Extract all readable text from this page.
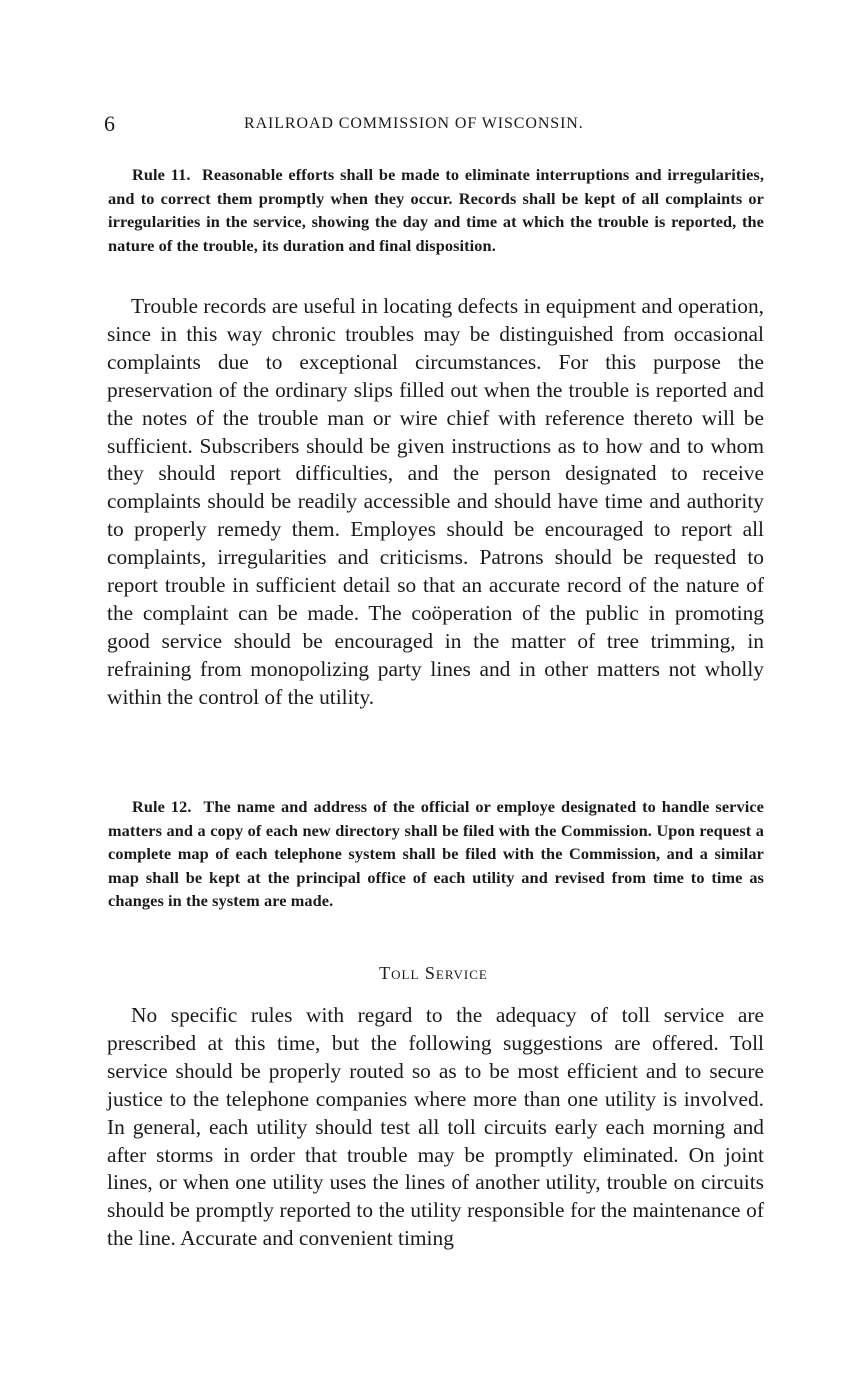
6	RAILROAD COMMISSION OF WISCONSIN.

Rule 11. Reasonable efforts shall be made to eliminate interruptions and irregularities, and to correct them promptly when they occur. Records shall be kept of all complaints or irregularities in the service, showing the day and time at which the trouble is reported, the nature of the trouble, its duration and final disposition.

Trouble records are useful in locating defects in equipment and operation, since in this way chronic troubles may be distinguished from occasional complaints due to exceptional circumstances. For this purpose the preservation of the ordinary slips filled out when the trouble is reported and the notes of the trouble man or wire chief with reference thereto will be sufficient. Subscribers should be given instructions as to how and to whom they should report difficulties, and the person designated to receive complaints should be readily accessible and should have time and authority to properly remedy them. Employes should be encouraged to report all complaints, irregularities and criticisms. Patrons should be requested to report trouble in sufficient detail so that an accurate record of the nature of the complaint can be made. The coöperation of the public in promoting good service should be encouraged in the matter of tree trimming, in refraining from monopolizing party lines and in other matters not wholly within the control of the utility.

Rule 12. The name and address of the official or employe designated to handle service matters and a copy of each new directory shall be filed with the Commission. Upon request a complete map of each telephone system shall be filed with the Commission, and a similar map shall be kept at the principal office of each utility and revised from time to time as changes in the system are made.

Toll Service

No specific rules with regard to the adequacy of toll service are prescribed at this time, but the following suggestions are offered. Toll service should be properly routed so as to be most efficient and to secure justice to the telephone companies where more than one utility is involved. In general, each utility should test all toll circuits early each morning and after storms in order that trouble may be promptly eliminated. On joint lines, or when one utility uses the lines of another utility, trouble on circuits should be promptly reported to the utility responsible for the maintenance of the line. Accurate and convenient timing
